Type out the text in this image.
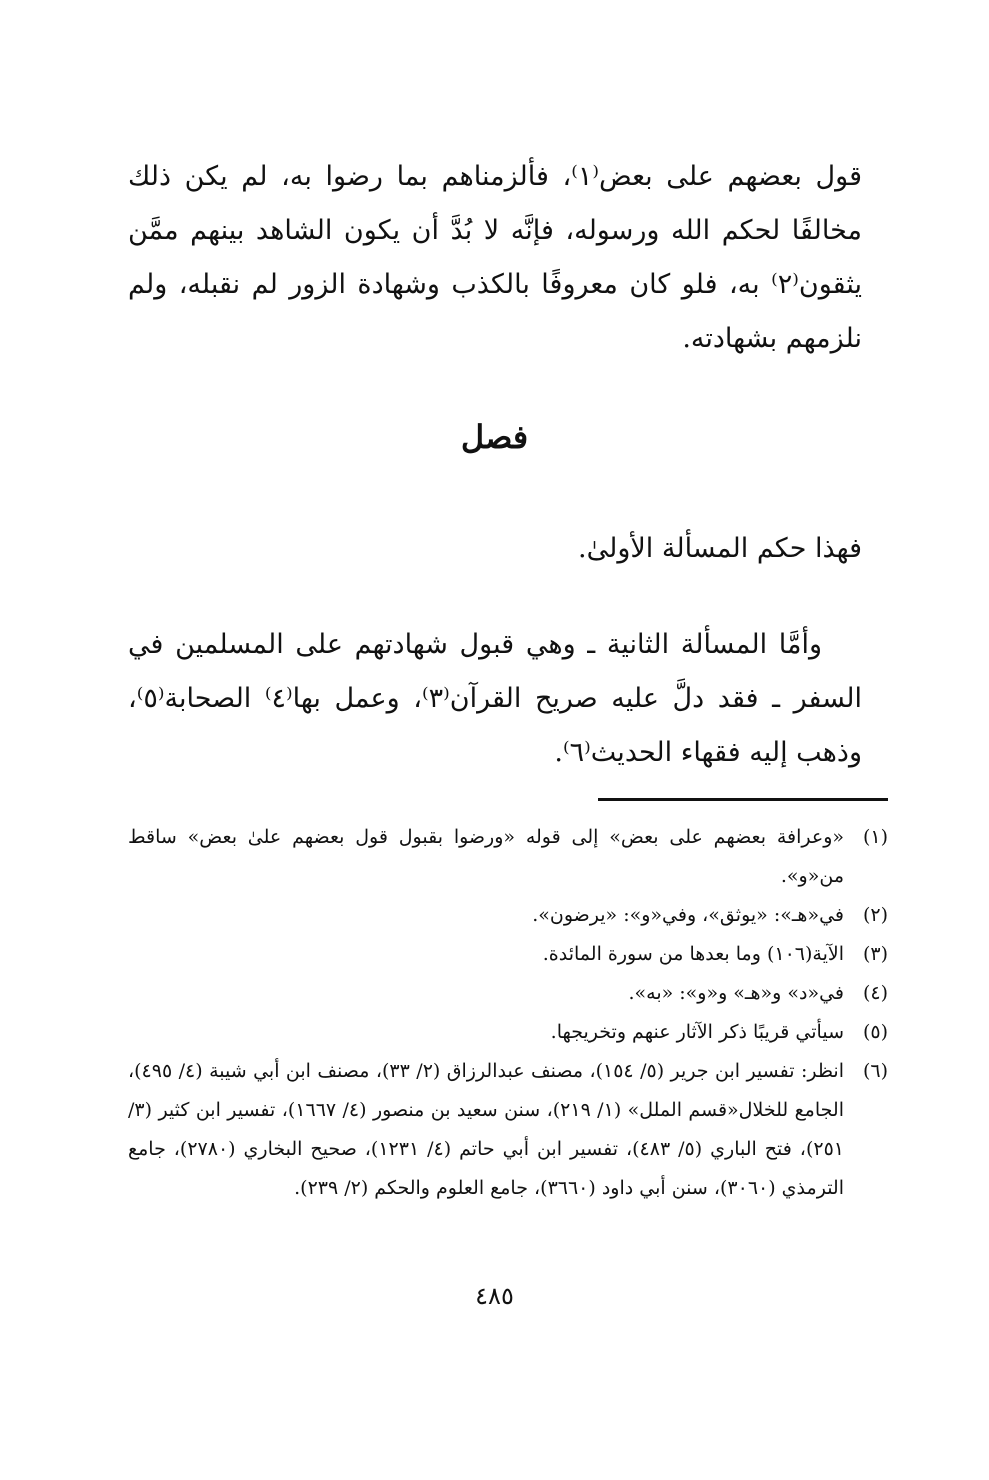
قول بعضهم على بعض⁽١⁾، فألزمناهم بما رضوا به، لم يكن ذلك مخالفًا لحكم الله ورسوله، فإنَّه لا بُدَّ أن يكون الشاهد بينهم ممَّن يثقون⁽٢⁾ به، فلو كان معروفًا بالكذب وشهادة الزور لم نقبله، ولم نلزمهم بشهادته.

فصل
فهذا حكم المسألة الأولىٰ.
وأمَّا المسألة الثانية ـ وهي قبول شهادتهم على المسلمين في السفر ـ فقد دلَّ عليه صريح القرآن⁽٣⁾، وعمل بها⁽٤⁾ الصحابة⁽٥⁾، وذهب إليه فقهاء الحديث⁽٦⁾.
(١)
«وعرافة بعضهم على بعض» إلى قوله «ورضوا بقبول قول بعضهم علىٰ بعض» ساقط من«و».
(٢)
في«هـ»: «يوثق»، وفي«و»: «يرضون».
(٣)
الآية(١٠٦) وما بعدها من سورة المائدة.
(٤)
في«د» و«هـ» و«و»: «به».
(٥)
سيأتي قريبًا ذكر الآثار عنهم وتخريجها.
(٦)
انظر: تفسير ابن جرير (٥/ ١٥٤)، مصنف عبدالرزاق (٢/ ٣٣)، مصنف ابن أبي شيبة (٤/ ٤٩٥)، الجامع للخلال«قسم الملل» (١/ ٢١٩)، سنن سعيد بن منصور (٤/ ١٦٦٧)، تفسير ابن كثير (٣/ ٢٥١)، فتح الباري (٥/ ٤٨٣)، تفسير ابن أبي حاتم (٤/ ١٢٣١)، صحيح البخاري (٢٧٨٠)، جامع الترمذي (٣٠٦٠)، سنن أبي داود (٣٦٦٠)، جامع العلوم والحكم (٢/ ٢٣٩).
٤٨٥
